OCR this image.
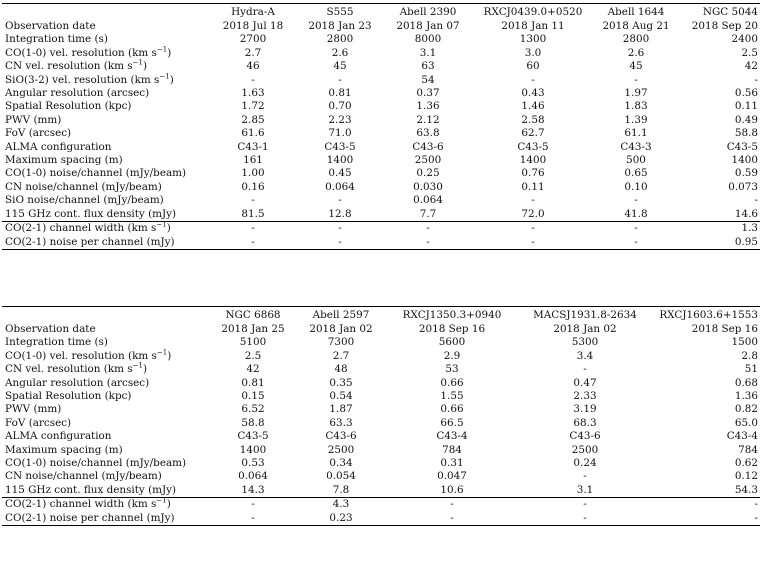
	Hydra-A	S555	Abell 2390	RXCJ0439.0+0520	Abell 1644	NGC 5044
Observation date	2018 Jul 18	2018 Jan 23	2018 Jan 07	2018 Jan 11	2018 Aug 21	2018 Sep 20
Integration time (s)	2700	2800	8000	1300	2800	2400
CO(1-0) vel. resolution (km $s^{-1}$)	2.7	2.6	3.1	3.0	2.6	2.5
CN vel. resolution (km $s^{-1}$)	46	45	63	60	45	42
SiO(3-2) vel. resolution (km $s^{-1}$)	-	-	54	-	-	-
Angular resolution (arcsec)	1.63	0.81	0.37	0.43	1.97	0.56
Spatial Resolution (kpc)	1.72	0.70	1.36	1.46	1.83	0.11
PWV (mm)	2.85	2.23	2.12	2.58	1.39	0.49
FoV (arcsec)	61.6	71.0	63.8	62.7	61.1	58.8
ALMA configuration	C43-1	C43-5	C43-6	C43-5	C43-3	C43-5
Maximum spacing (m)	161	1400	2500	1400	500	1400
CO(1-0) noise/channel (mJy/beam)	1.00	0.45	0.25	0.76	0.65	0.59
CN noise/channel (mJy/beam)	0.16	0.064	0.030	0.11	0.10	0.073
SiO noise/channel (mJy/beam)	-	-	0.064	-	-	-
115 GHz cont. flux density (mJy)	81.5	12.8	7.7	72.0	41.8	14.6
CO(2-1) channel width (km $s^{-1}$)	-	-	-	-	-	1.3
CO(2-1) noise per channel (mJy)	-	-	-	-	-	0.95
	NGC 6868	Abell 2597	RXCJ1350.3+0940	MACSJ1931.8-2634	RXCJ1603.6+1553
Observation date	2018 Jan 25	2018 Jan 02	2018 Sep 16	2018 Jan 02	2018 Sep 16
Integration time (s)	5100	7300	5600	5300	1500
CO(1-0) vel. resolution (km $s^{-1}$)	2.5	2.7	2.9	3.4	2.8
CN vel. resolution (km $s^{-1}$)	42	48	53	-	51
Angular resolution (arcsec)	0.81	0.35	0.66	0.47	0.68
Spatial Resolution (kpc)	0.15	0.54	1.55	2.33	1.36
PWV (mm)	6.52	1.87	0.66	3.19	0.82
FoV (arcsec)	58.8	63.3	66.5	68.3	65.0
ALMA configuration	C43-5	C43-6	C43-4	C43-6	C43-4
Maximum spacing (m)	1400	2500	784	2500	784
CO(1-0) noise/channel (mJy/beam)	0.53	0.34	0.31	0.24	0.62
CN noise/channel (mJy/beam)	0.064	0.054	0.047	-	0.12
115 GHz cont. flux density (mJy)	14.3	7.8	10.6	3.1	54.3
CO(2-1) channel width (km $s^{-1}$)	-	4.3	-	-	-
CO(2-1) noise per channel (mJy)	-	0.23	-	-	-
